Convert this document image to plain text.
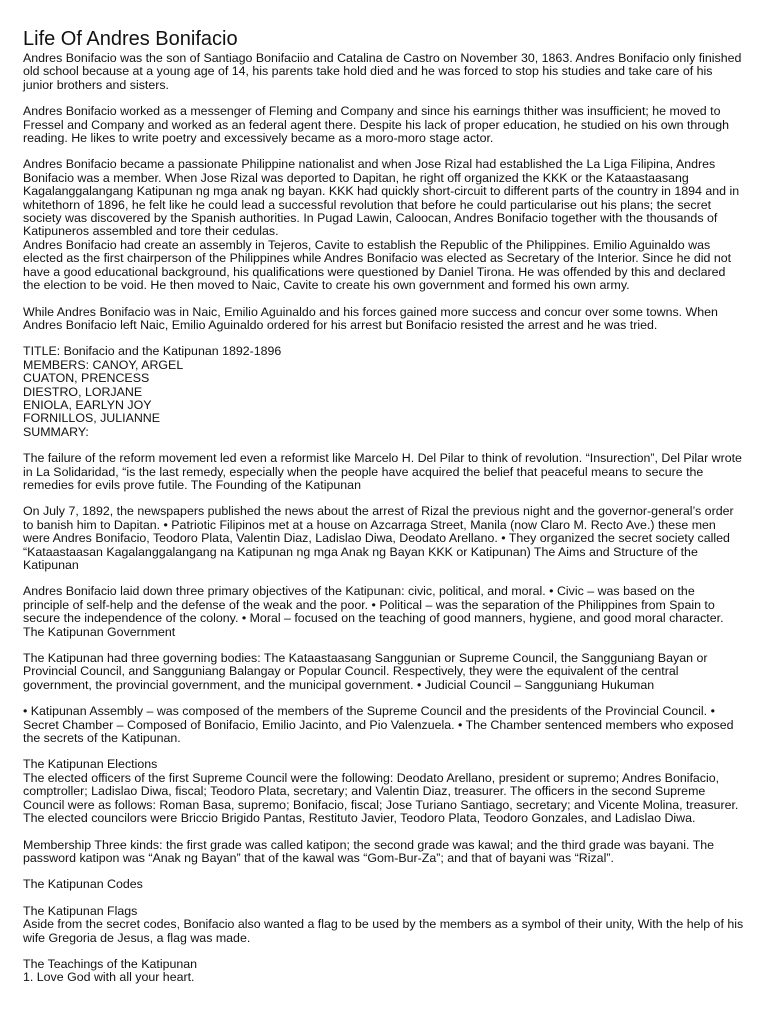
Life Of Andres Bonifacio

Andres Bonifacio was the son of Santiago Bonifaciio and Catalina de Castro on November 30, 1863. Andres Bonifacio only finished old school because at a young age of 14, his parents take hold died and he was forced to stop his studies and take care of his junior brothers and sisters.

Andres Bonifacio worked as a messenger of Fleming and Company and since his earnings thither was insufficient; he moved to Fressel and Company and worked as an federal agent there. Despite his lack of proper education, he studied on his own through reading. He likes to write poetry and excessively became as a moro-moro stage actor.

Andres Bonifacio became a passionate Philippine nationalist and when Jose Rizal had established the La Liga Filipina, Andres Bonifacio was a member. When Jose Rizal was deported to Dapitan, he right off organized the KKK or the Kataastaasang Kagalanggalangang Katipunan ng mga anak ng bayan. KKK had quickly short-circuit to different parts of the country in 1894 and in whitethorn of 1896, he felt like he could lead a successful revolution that before he could particularise out his plans; the secret society was discovered by the Spanish authorities. In Pugad Lawin, Caloocan, Andres Bonifacio together with the thousands of Katipuneros assembled and tore their cedulas.

Andres Bonifacio had create an assembly in Tejeros, Cavite to establish the Republic of the Philippines. Emilio Aguinaldo was elected as the first chairperson of the Philippines while Andres Bonifacio was elected as Secretary of the Interior. Since he did not have a good educational background, his qualifications were questioned by Daniel Tirona. He was offended by this and declared the election to be void. He then moved to Naic, Cavite to create his own government and formed his own army.

While Andres Bonifacio was in Naic, Emilio Aguinaldo and his forces gained more success and concur over some towns. When Andres Bonifacio left Naic, Emilio Aguinaldo ordered for his arrest but Bonifacio resisted the arrest and he was tried.

TITLE: Bonifacio and the Katipunan 1892-1896
MEMBERS: CANOY, ARGEL
CUATON, PRENCESS
DIESTRO, LORJANE
ENIOLA, EARLYN JOY
FORNILLOS, JULIANNE
SUMMARY:

The failure of the reform movement led even a reformist like Marcelo H. Del Pilar to think of revolution. “Insurection”, Del Pilar wrote in La Solidaridad, “is the last remedy, especially when the people have acquired the belief that peaceful means to secure the remedies for evils prove futile. The Founding of the Katipunan

On July 7, 1892, the newspapers published the news about the arrest of Rizal the previous night and the governor-general’s order to banish him to Dapitan. • Patriotic Filipinos met at a house on Azcarraga Street, Manila (now Claro M. Recto Ave.) these men were Andres Bonifacio, Teodoro Plata, Valentin Diaz, Ladislao Diwa, Deodato Arellano. • They organized the secret society called “Kataastaasan Kagalanggalangang na Katipunan ng mga Anak ng Bayan KKK or Katipunan) The Aims and Structure of the Katipunan

Andres Bonifacio laid down three primary objectives of the Katipunan: civic, political, and moral. • Civic – was based on the principle of self-help and the defense of the weak and the poor. • Political – was the separation of the Philippines from Spain to secure the independence of the colony. • Moral – focused on the teaching of good manners, hygiene, and good moral character. The Katipunan Government

The Katipunan had three governing bodies: The Kataastaasang Sanggunian or Supreme Council, the Sangguniang Bayan or Provincial Council, and Sangguniang Balangay or Popular Council. Respectively, they were the equivalent of the central government, the provincial government, and the municipal government. • Judicial Council – Sangguniang Hukuman

• Katipunan Assembly – was composed of the members of the Supreme Council and the presidents of the Provincial Council. • Secret Chamber – Composed of Bonifacio, Emilio Jacinto, and Pio Valenzuela. • The Chamber sentenced members who exposed the secrets of the Katipunan.

The Katipunan Elections

The elected officers of the first Supreme Council were the following: Deodato Arellano, president or supremo; Andres Bonifacio, comptroller; Ladislao Diwa, fiscal; Teodoro Plata, secretary; and Valentin Diaz, treasurer. The officers in the second Supreme Council were as follows: Roman Basa, supremo; Bonifacio, fiscal; Jose Turiano Santiago, secretary; and Vicente Molina, treasurer. The elected councilors were Briccio Brigido Pantas, Restituto Javier, Teodoro Plata, Teodoro Gonzales, and Ladislao Diwa.

Membership Three kinds: the first grade was called katipon; the second grade was kawal; and the third grade was bayani. The password katipon was “Anak ng Bayan” that of the kawal was “Gom-Bur-Za”; and that of bayani was “Rizal”.

The Katipunan Codes

The Katipunan Flags

Aside from the secret codes, Bonifacio also wanted a flag to be used by the members as a symbol of their unity, With the help of his wife Gregoria de Jesus, a flag was made.

The Teachings of the Katipunan

1. Love God with all your heart.
